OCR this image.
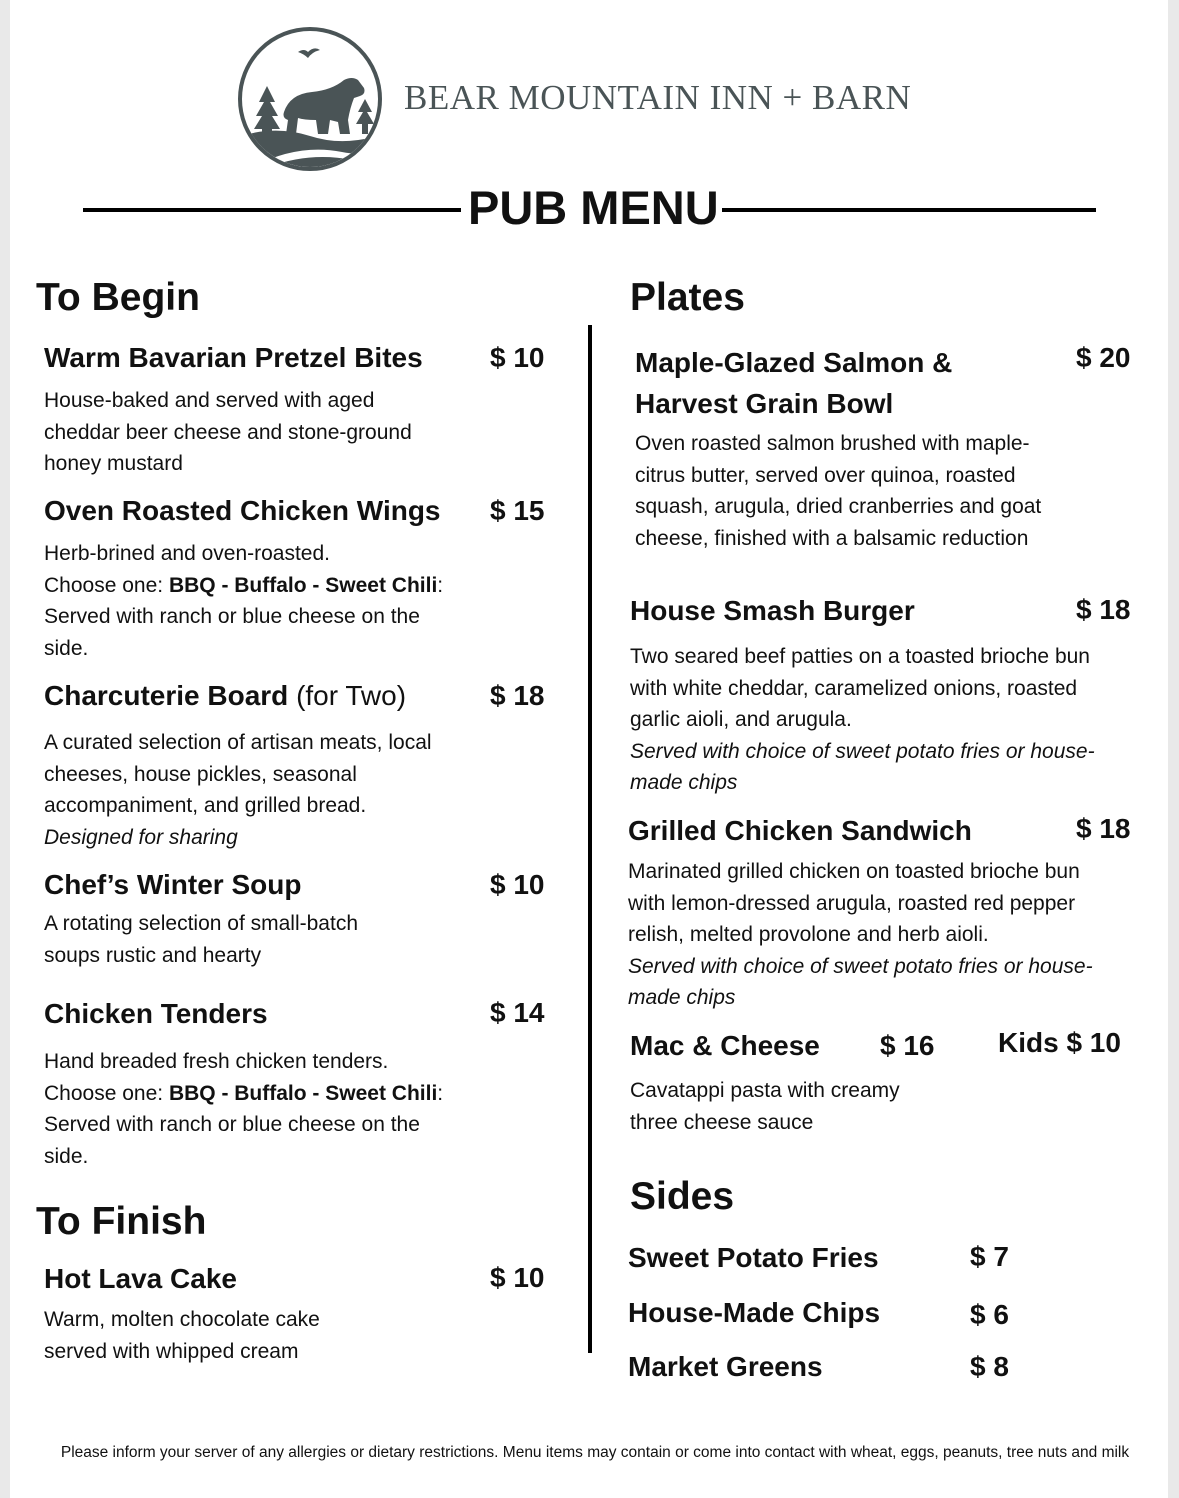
BEAR MOUNTAIN INN + BARN
PUB MENU
To Begin
Warm Bavarian Pretzel Bites $ 10
House-baked and served with aged cheddar beer cheese and stone-ground honey mustard
Oven Roasted Chicken Wings $ 15
Herb-brined and oven-roasted.
Choose one: BBQ - Buffalo - Sweet Chili: Served with ranch or blue cheese on the side.
Charcuterie Board (for Two)	$ 18
A curated selection of artisan meats, local cheeses, house pickles, seasonal accompaniment, and grilled bread.
Designed for sharing
Chef’s Winter Soup	$ 10
A rotating selection of small-batch soups rustic and hearty
Chicken Tenders	$ 14
Hand breaded fresh chicken tenders.
Choose one: BBQ - Buffalo - Sweet Chili: Served with ranch or blue cheese on the side.
To Finish
Hot Lava Cake	$ 10
Warm, molten chocolate cake served with whipped cream
Plates
Maple-Glazed Salmon & Harvest Grain Bowl
$ 20
Oven roasted salmon brushed with maple-citrus butter, served over quinoa, roasted squash, arugula, dried cranberries and goat cheese, finished with a balsamic reduction
House Smash Burger	$ 18
Two seared beef patties on a toasted brioche bun with white cheddar, caramelized onions, roasted garlic aioli, and arugula.
Served with choice of sweet potato fries or house-made chips
Grilled Chicken Sandwich	$ 18
Marinated grilled chicken on toasted brioche bun with lemon-dressed arugula, roasted red pepper relish, melted provolone and herb aioli.
Served with choice of sweet potato fries or house-made chips
Mac & Cheese $ 16 Kids $ 10
Cavatappi pasta with creamy three cheese sauce
Sides
Sweet Potato Fries	$ 7
House-Made Chips	$ 6
Market Greens	$ 8
Please inform your server of any allergies or dietary restrictions. Menu items may contain or come into contact with wheat, eggs, peanuts, tree nuts and milk
